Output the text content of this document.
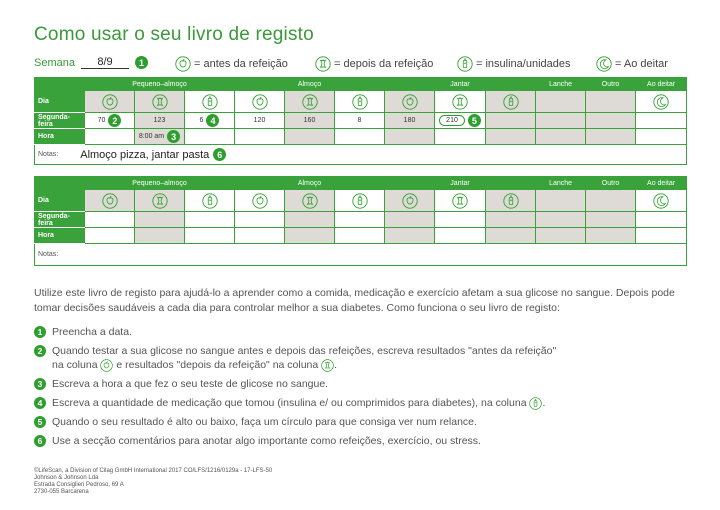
Como usar o seu livro de registo
Semana	8/9	1	= antes da refeição	= depois da refeição	= insulina/unidades	= Ao deitar
	Pequeno–almoço			Almoço			Jantar			Lanche	Outro	Ao deitar
Dia	

Segunda-feira	70 2	123	6 4	120	160	8	180	210 5				

Hora		8:00 am 3										

Notas: Almoço pizza, jantar pasta 6												
	Pequeno–almoço			Almoço			Jantar			Lanche	Outro	Ao deitar
Dia	

Segunda-feira												
Hora												
Notas:												
Utilize este livro de registo para ajudá-lo a aprender como a comida, medicação e exercício afetam a sua glicose no sangue. Depois pode tomar decisões saudáveis a cada dia para controlar melhor a sua diabetes. Como funciona o seu livro de registo:
1 Preencha a data.
2 Quando testar a sua glicose no sangue antes e depois das refeições, escreva resultados "antes da refeição"
na coluna e resultados "depois da refeição" na coluna .
3 Escreva a hora a que fez o seu teste de glicose no sangue.
4 Escreva a quantidade de medicação que tomou (insulina e/ ou comprimidos para diabetes), na coluna .
5 Quando o seu resultado é alto ou baixo, faça um círculo para que consiga ver num relance.
6 Use a secção comentários para anotar algo importante como refeições, exercício, ou stress.
©LifeScan, a Division of Cilag GmbH International 2017 CO/LFS/1216/0129a - 17-LFS-50
Johnson & Johnson Lda
Estrada Consiglieri Pedroso, 69 A
2730-055 Barcarena
